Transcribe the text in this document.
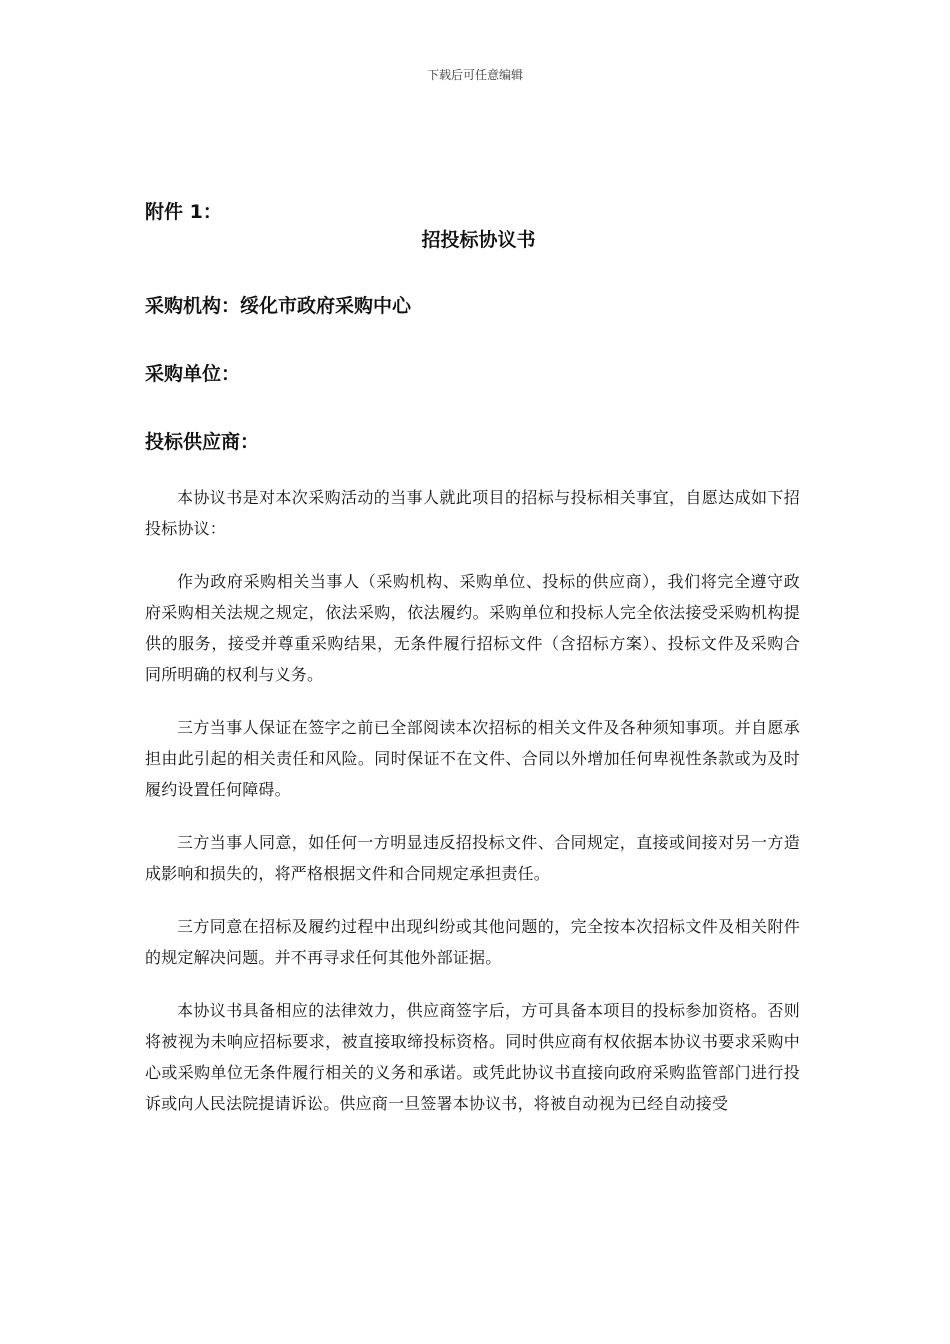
下载后可任意编辑

附件 1：

招投标协议书

采购机构：绥化市政府采购中心

采购单位：

投标供应商：

本协议书是对本次采购活动的当事人就此项目的招标与投标相关事宜，自愿达成如下招投标协议：

作为政府采购相关当事人（采购机构、采购单位、投标的供应商），我们将完全遵守政府采购相关法规之规定，依法采购，依法履约。采购单位和投标人完全依法接受采购机构提供的服务，接受并尊重采购结果，无条件履行招标文件（含招标方案）、投标文件及采购合同所明确的权利与义务。

三方当事人保证在签字之前已全部阅读本次招标的相关文件及各种须知事项。并自愿承担由此引起的相关责任和风险。同时保证不在文件、合同以外增加任何卑视性条款或为及时履约设置任何障碍。

三方当事人同意，如任何一方明显违反招投标文件、合同规定，直接或间接对另一方造成影响和损失的，将严格根据文件和合同规定承担责任。

三方同意在招标及履约过程中出现纠纷或其他问题的，完全按本次招标文件及相关附件的规定解决问题。并不再寻求任何其他外部证据。

本协议书具备相应的法律效力，供应商签字后，方可具备本项目的投标参加资格。否则将被视为未响应招标要求，被直接取缔投标资格。同时供应商有权依据本协议书要求采购中心或采购单位无条件履行相关的义务和承诺。或凭此协议书直接向政府采购监管部门进行投诉或向人民法院提请诉讼。供应商一旦签署本协议书，将被自动视为已经自动接受
